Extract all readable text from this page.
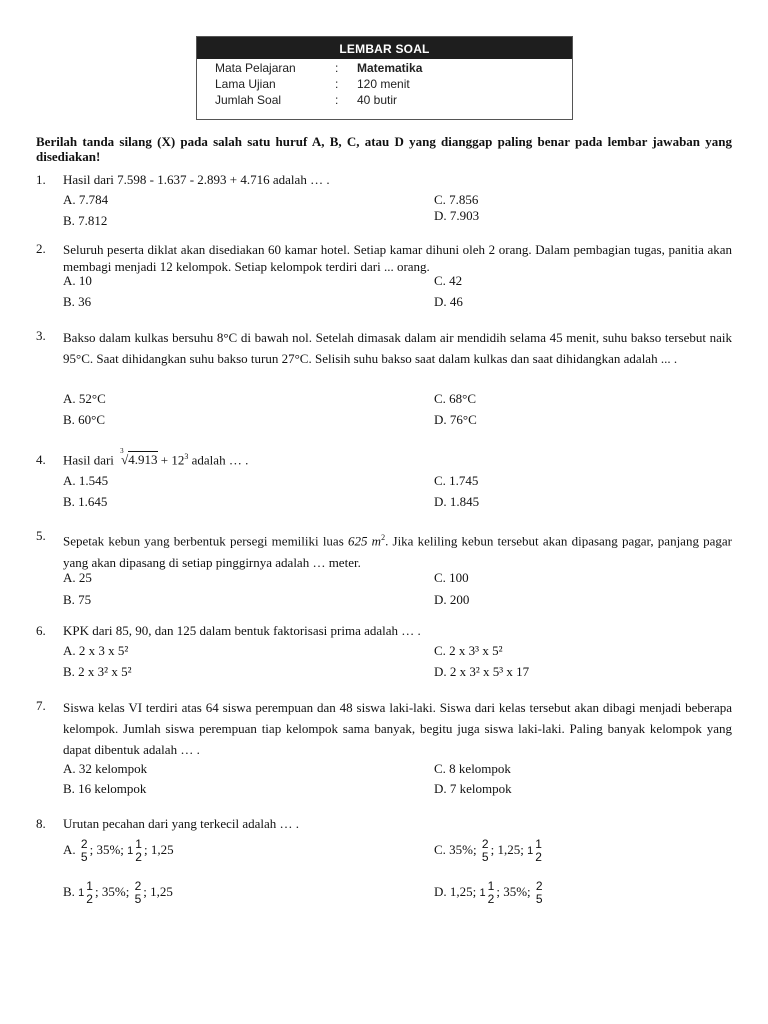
LEMBAR SOAL
Mata Pelajaran	: Matematika
Lama Ujian	: 120 menit
Jumlah Soal	: 40 butir
Berilah tanda silang (X) pada salah satu huruf A, B, C, atau D yang dianggap paling benar pada lembar jawaban yang disediakan!
1. Hasil dari 7.598 - 1.637 - 2.893 + 4.716 adalah … .
A. 7.784
B. 7.812
C. 7.856
D. 7.903
2. Seluruh peserta diklat akan disediakan 60 kamar hotel. Setiap kamar dihuni oleh 2 orang. Dalam pembagian tugas, panitia akan membagi menjadi 12 kelompok. Setiap kelompok terdiri dari ... orang.
A. 10
B. 36
C. 42
D. 46
3. Bakso dalam kulkas bersuhu 8°C di bawah nol. Setelah dimasak dalam air mendidih selama 45 menit, suhu bakso tersebut naik 95°C. Saat dihidangkan suhu bakso turun 27°C. Selisih suhu bakso saat dalam kulkas dan saat dihidangkan adalah ... .
A. 52°C
B. 60°C
C. 68°C
D. 76°C
4. Hasil dari
3
$√4.913 + 12^3$ adalah … .
A. 1.545
B. 1.645
C. 1.745
D. 1.845
5. Sepetak kebun yang berbentuk persegi memiliki luas 625 $m^2$. Jika keliling kebun tersebut akan dipasang pagar, panjang pagar yang akan dipasang di setiap pinggirnya adalah … meter.
A. 25
B. 75
C. 100
D. 200
6. KPK dari 85, 90, dan 125 dalam bentuk faktorisasi prima adalah … .
A. 2 x 3 x 5²
B. 2 x 3² x 5²
C. 2 x 3³ x 5²
D. 2 x 3² x 5³ x 17
7. Siswa kelas VI terdiri atas 64 siswa perempuan dan 48 siswa laki-laki. Siswa dari kelas tersebut akan dibagi menjadi beberapa kelompok. Jumlah siswa perempuan tiap kelompok sama banyak, begitu juga siswa laki-laki. Paling banyak kelompok yang dapat dibentuk adalah … .
A. 32 kelompok
B. 16 kelompok
C. 8 kelompok
D. 7 kelompok
8. Urutan pecahan dari yang terkecil adalah … .
A. 2
5
; 35%; 1 1
2
; 1,25
B. 1 1
2
; 35%; 2
5
; 1,25
C. 35%; 2
5
; 1,25; 1 1
2
D. 1,25; 1 1
2
; 35%; 2
5
